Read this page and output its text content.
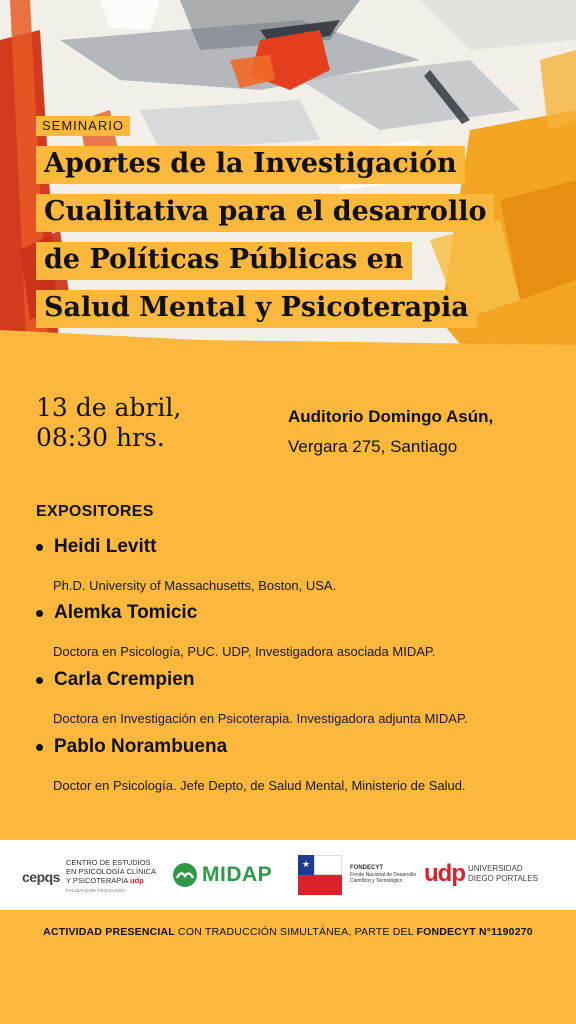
SEMINARIO
Aportes de la Investigación
Cualitativa para el desarrollo
de Políticas Públicas en
Salud Mental y Psicoterapia
13 de abril,
08:30 hrs.
Auditorio Domingo Asún,
Vergara 275, Santiago
EXPOSITORES
Heidi Levitt
Ph.D. University of Massachusetts, Boston, USA.
Alemka Tomicic
Doctora en Psicología, PUC. UDP, Investigadora asociada MIDAP.
Carla Crempien
Doctora en Investigación en Psicoterapia. Investigadora adjunta MIDAP.
Pablo Norambuena
Doctor en Psicología. Jefe Depto, de Salud Mental, Ministerio de Salud.
cepqs
CENTRO DE ESTUDIOS
EN PSICOLOGÍA CLÍNICA
Y PSICOTERAPIA udp
FACULTAD DE PSICOLOGÍA
MIDAP	★	FONDECYT
Fondo Nacional de Desarrollo
Científico y Tecnológico udp UNIVERSIDAD
DIEGO PORTALES
ACTIVIDAD PRESENCIAL CON TRADUCCIÓN SIMULTÁNEA, PARTE DEL FONDECYT N°1190270
